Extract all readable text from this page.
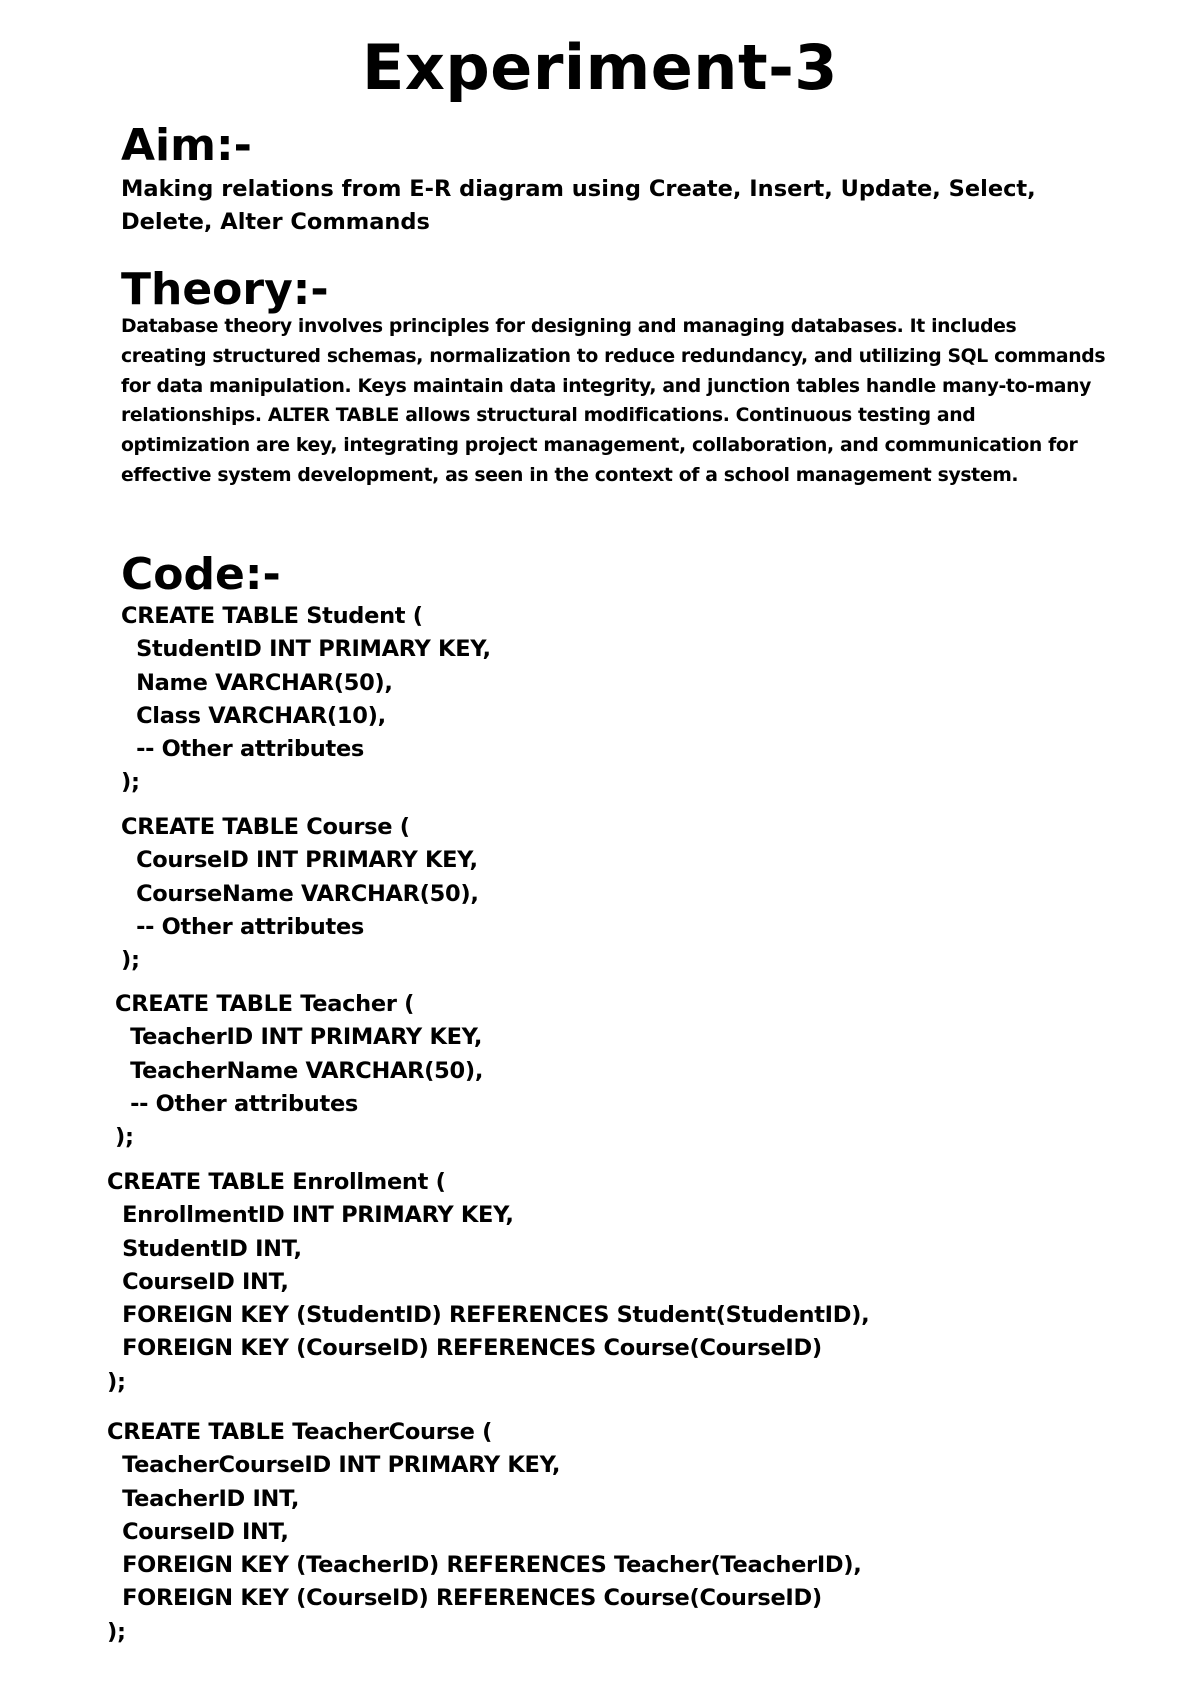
Experiment-3
Aim:-

Making relations from E-R diagram using Create, Insert, Update, Select, Delete, Alter Commands

Theory:-

Database theory involves principles for designing and managing databases. It includes creating structured schemas, normalization to reduce redundancy, and utilizing SQL commands for data manipulation. Keys maintain data integrity, and junction tables handle many-to-many relationships. ALTER TABLE allows structural modifications. Continuous testing and optimization are key, integrating project management, collaboration, and communication for effective system development, as seen in the context of a school management system.

Code:-
CREATE TABLE Student (
StudentID INT PRIMARY KEY,
Name VARCHAR(50),
Class VARCHAR(10),
-- Other attributes
);
CREATE TABLE Course (
CourseID INT PRIMARY KEY,
CourseName VARCHAR(50),
-- Other attributes
);
CREATE TABLE Teacher (
TeacherID INT PRIMARY KEY,
TeacherName VARCHAR(50),
-- Other attributes
);
CREATE TABLE Enrollment (
EnrollmentID INT PRIMARY KEY,
StudentID INT,
CourseID INT,
FOREIGN KEY (StudentID) REFERENCES Student(StudentID),
FOREIGN KEY (CourseID) REFERENCES Course(CourseID)
);
CREATE TABLE TeacherCourse (
TeacherCourseID INT PRIMARY KEY,
TeacherID INT,
CourseID INT,
FOREIGN KEY (TeacherID) REFERENCES Teacher(TeacherID),
FOREIGN KEY (CourseID) REFERENCES Course(CourseID)
);
